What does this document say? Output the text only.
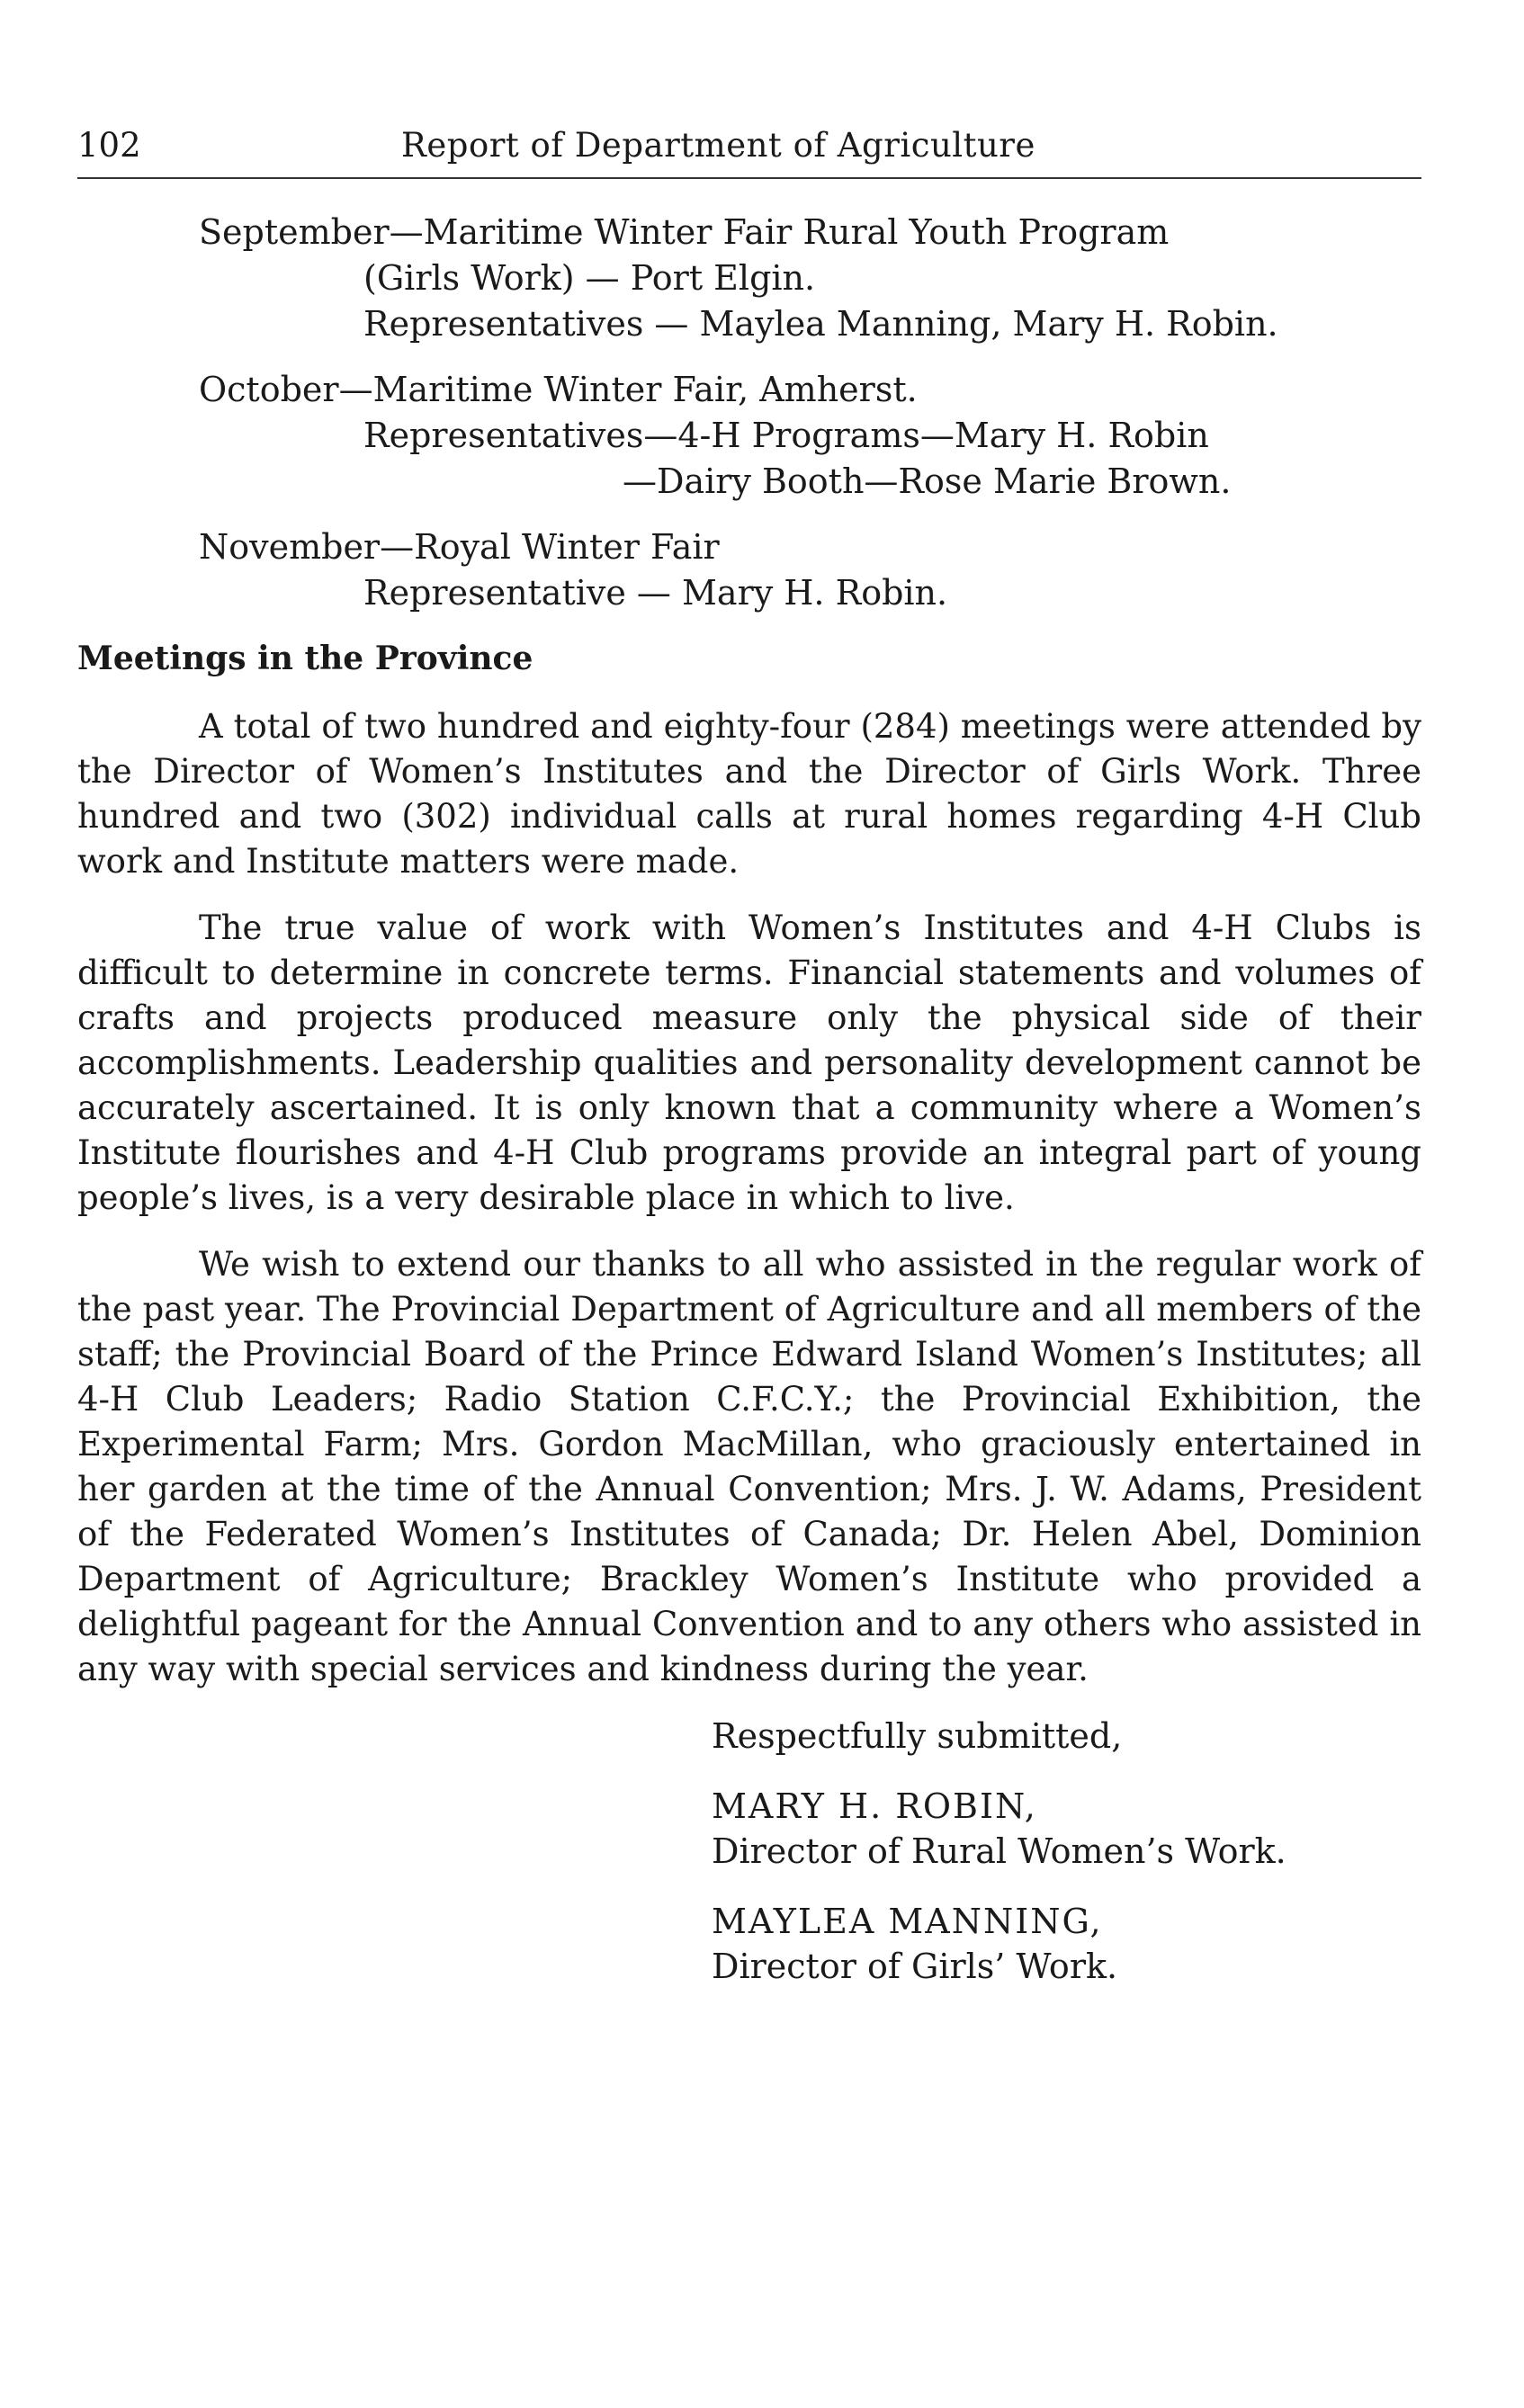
102	Report of Department of Agriculture
September—Maritime Winter Fair Rural Youth Program
(Girls Work) — Port Elgin.
Representatives — Maylea Manning, Mary H. Robin.
October—Maritime Winter Fair, Amherst.
Representatives—4-H Programs—Mary H. Robin
—Dairy Booth—Rose Marie Brown.
November—Royal Winter Fair
Representative — Mary H. Robin.
Meetings in the Province

A total of two hundred and eighty-four (284) meetings were attended by the Director of Women’s Institutes and the Director of Girls Work. Three hundred and two (302) individual calls at rural homes regarding 4-H Club work and Institute matters were made.

The true value of work with Women’s Institutes and 4-H Clubs is difficult to determine in concrete terms. Financial statements and volumes of crafts and projects produced measure only the physical side of their accomplishments. Leadership qualities and personality development cannot be accurately ascertained. It is only known that a community where a Women’s Institute flourishes and 4-H Club programs provide an integral part of young people’s lives, is a very desirable place in which to live.

We wish to extend our thanks to all who assisted in the regular work of the past year. The Provincial Department of Agriculture and all members of the staff; the Provincial Board of the Prince Edward Island Women’s Institutes; all 4-H Club Leaders; Radio Station C.F.C.Y.; the Provincial Exhibition, the Experimental Farm; Mrs. Gordon MacMillan, who graciously entertained in her garden at the time of the Annual Convention; Mrs. J. W. Adams, President of the Federated Women’s Institutes of Canada; Dr. Helen Abel, Dominion Department of Agriculture; Brackley Women’s Institute who provided a delightful pageant for the Annual Convention and to any others who assisted in any way with special services and kindness during the year.

Respectfully submitted,
MARY H. ROBIN,
Director of Rural Women’s Work.
MAYLEA MANNING,
Director of Girls’ Work.
